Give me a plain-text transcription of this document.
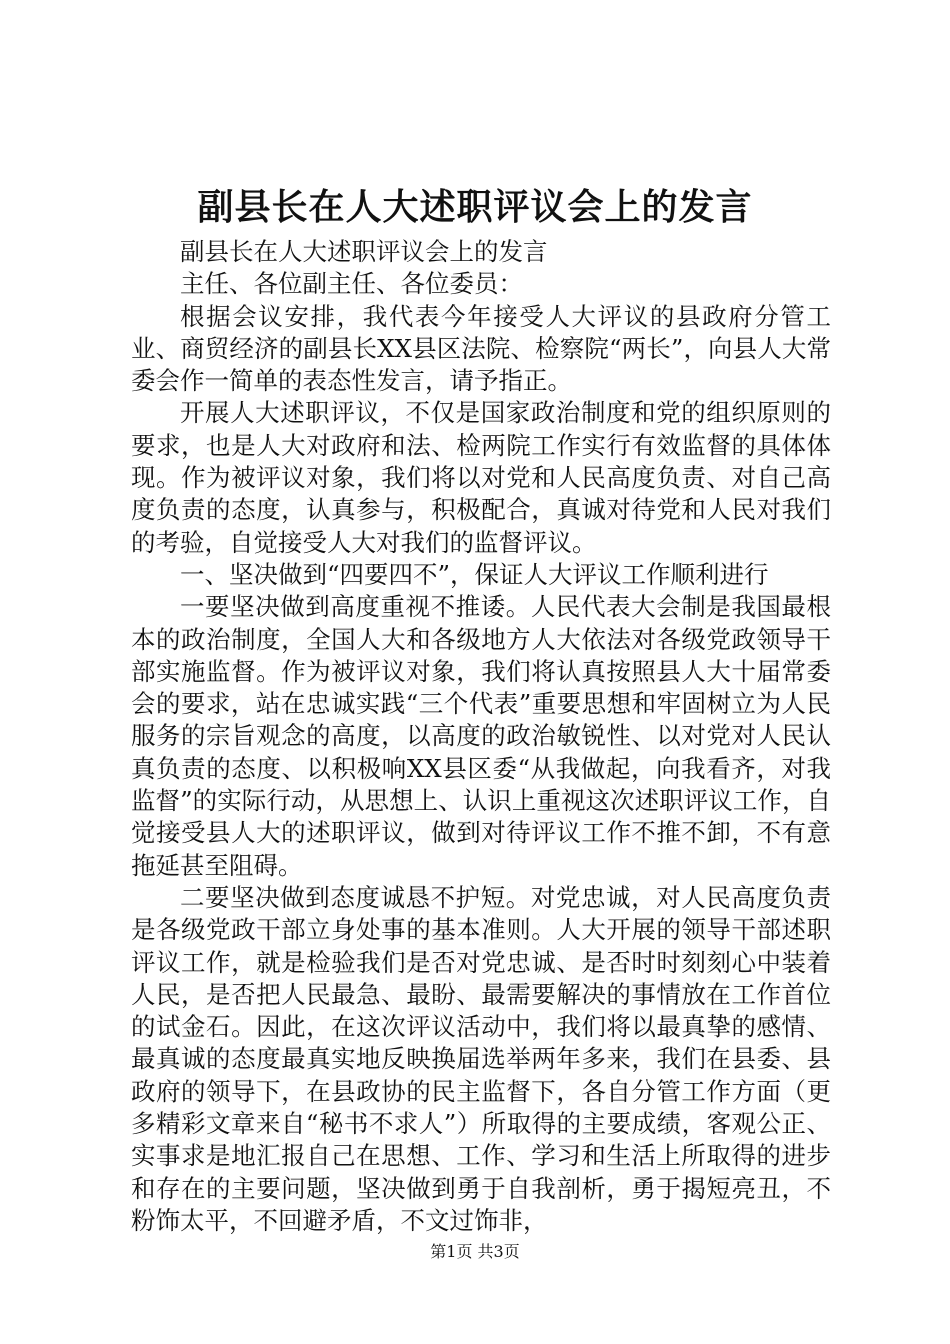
副县长在人大述职评议会上的发言

副县长在人大述职评议会上的发言

主任、各位副主任、各位委员：

根据会议安排，我代表今年接受人大评议的县政府分管工业、商贸经济的副县长XX县区法院、检察院“两长”，向县人大常委会作一简单的表态性发言，请予指正。

开展人大述职评议，不仅是国家政治制度和党的组织原则的要求，也是人大对政府和法、检两院工作实行有效监督的具体体现。作为被评议对象，我们将以对党和人民高度负责、对自己高度负责的态度，认真参与，积极配合，真诚对待党和人民对我们的考验，自觉接受人大对我们的监督评议。

一、坚决做到“四要四不”，保证人大评议工作顺利进行

一要坚决做到高度重视不推诿。人民代表大会制是我国最根本的政治制度，全国人大和各级地方人大依法对各级党政领导干部实施监督。作为被评议对象，我们将认真按照县人大十届常委会的要求，站在忠诚实践“三个代表”重要思想和牢固树立为人民服务的宗旨观念的高度，以高度的政治敏锐性、以对党对人民认真负责的态度、以积极响XX县区委“从我做起，向我看齐，对我监督”的实际行动，从思想上、认识上重视这次述职评议工作，自觉接受县人大的述职评议，做到对待评议工作不推不卸，不有意拖延甚至阻碍。

二要坚决做到态度诚恳不护短。对党忠诚，对人民高度负责是各级党政干部立身处事的基本准则。人大开展的领导干部述职评议工作，就是检验我们是否对党忠诚、是否时时刻刻心中装着人民，是否把人民最急、最盼、最需要解决的事情放在工作首位的试金石。因此，在这次评议活动中，我们将以最真挚的感情、最真诚的态度最真实地反映换届选举两年多来，我们在县委、县政府的领导下，在县政协的民主监督下，各自分管工作方面（更多精彩文章来自“秘书不求人”）所取得的主要成绩，客观公正、实事求是地汇报自己在思想、工作、学习和生活上所取得的进步和存在的主要问题，坚决做到勇于自我剖析，勇于揭短亮丑，不粉饰太平，不回避矛盾，不文过饰非，

第1页 共3页
